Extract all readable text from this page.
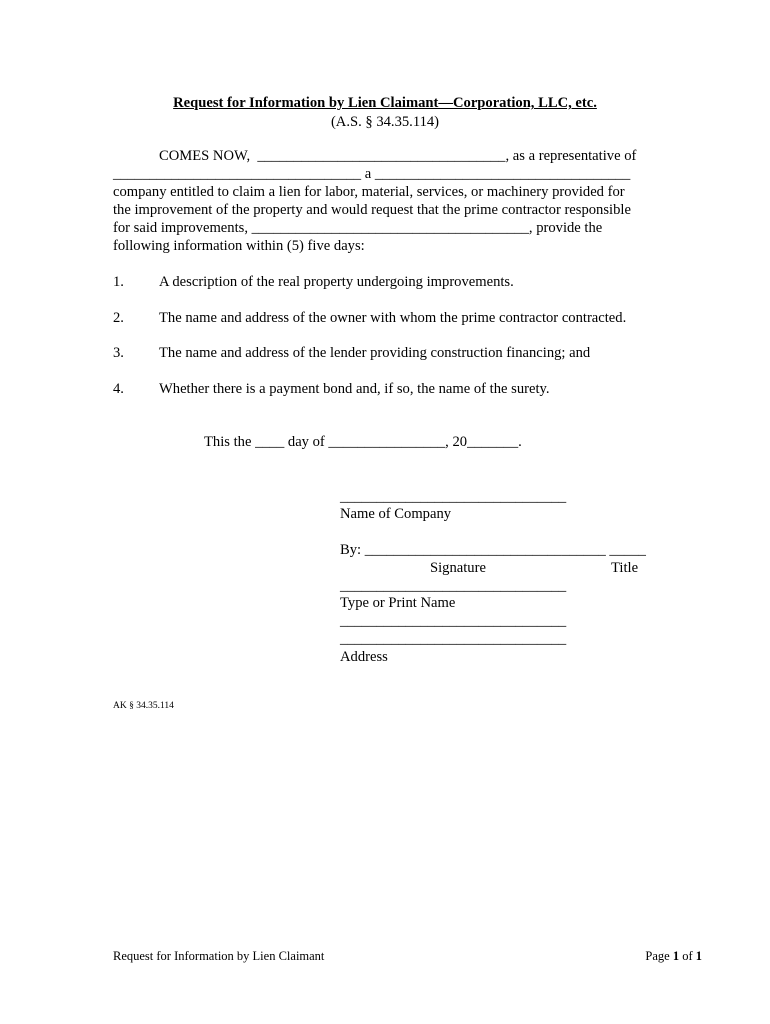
Request for Information by Lien Claimant—Corporation, LLC, etc.
(A.S. § 34.35.114)
COMES NOW,  __________________________________, as a representative of
__________________________________ a ___________________________________
company entitled to claim a lien for labor, material, services, or machinery provided for
the improvement of the property and would request that the prime contractor responsible
for said improvements, ______________________________________, provide the
following information within (5) five days:
1. A description of the real property undergoing improvements.
2. The name and address of the owner with whom the prime contractor contracted.
3. The name and address of the lender providing construction financing; and
4. Whether there is a payment bond and, if so, the name of the surety.
This the ____ day of ________________, 20_______.
_______________________________
Name of Company
By: ___________________________ ______ _____
Signature	Title
_______________________________
Type or Print Name
_______________________________
_______________________________
Address
AK § 34.35.114
Request for Information by Lien Claimant	Page 1 of 1
